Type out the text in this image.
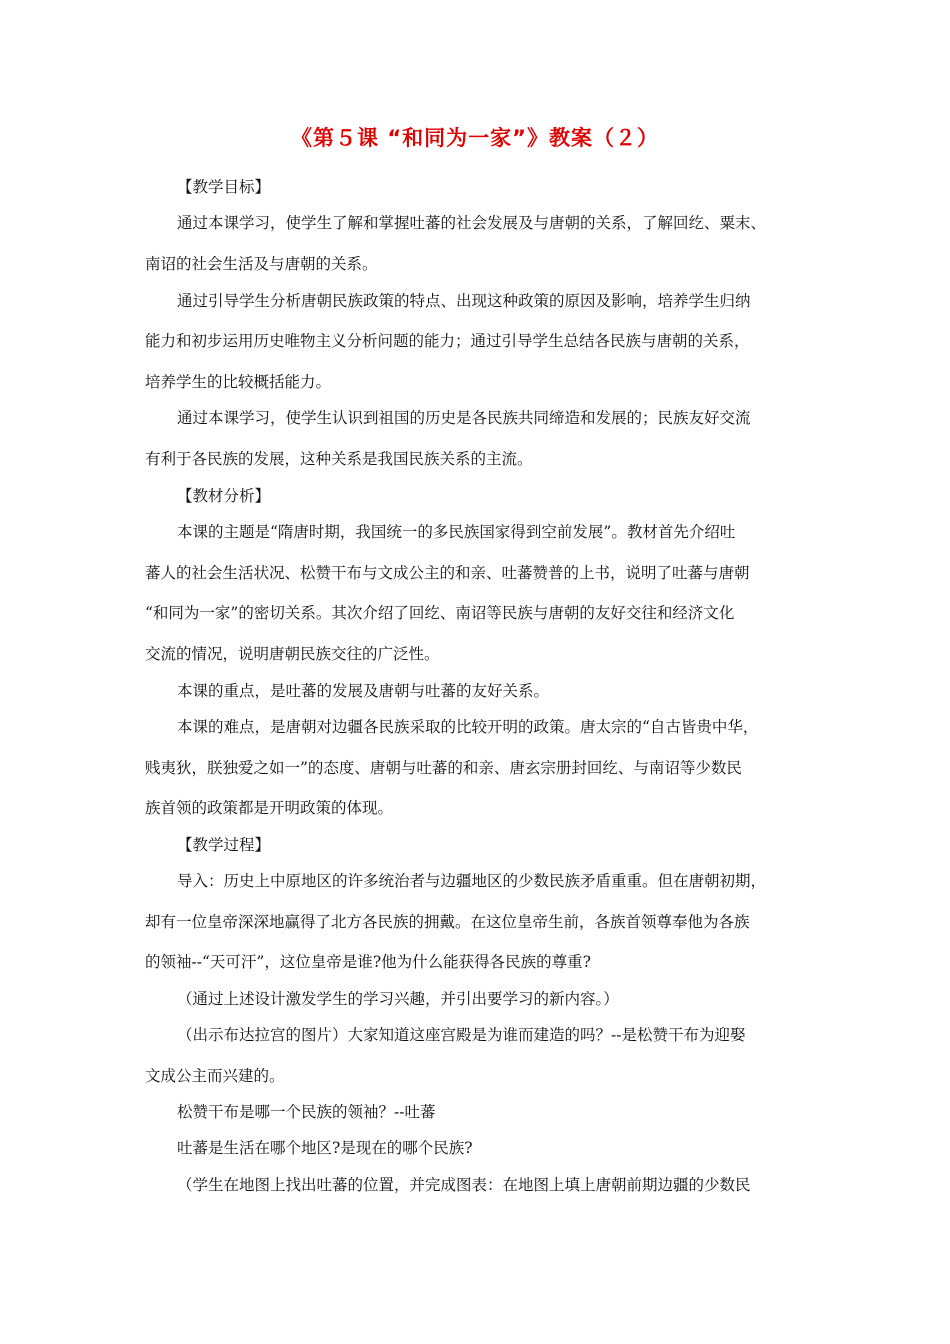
《第５课 “和同为一家”》教案（２）
【教学目标】
通过本课学习，使学生了解和掌握吐蕃的社会发展及与唐朝的关系，了解回纥、粟末、
南诏的社会生活及与唐朝的关系。
通过引导学生分析唐朝民族政策的特点、出现这种政策的原因及影响，培养学生归纳
能力和初步运用历史唯物主义分析问题的能力；通过引导学生总结各民族与唐朝的关系，
培养学生的比较概括能力。
通过本课学习，使学生认识到祖国的历史是各民族共同缔造和发展的；民族友好交流
有利于各民族的发展，这种关系是我国民族关系的主流。
【教材分析】
本课的主题是“隋唐时期，我国统一的多民族国家得到空前发展”。教材首先介绍吐
蕃人的社会生活状况、松赞干布与文成公主的和亲、吐蕃赞普的上书，说明了吐蕃与唐朝
“和同为一家”的密切关系。其次介绍了回纥、南诏等民族与唐朝的友好交往和经济文化
交流的情况，说明唐朝民族交往的广泛性。
本课的重点，是吐蕃的发展及唐朝与吐蕃的友好关系。
本课的难点，是唐朝对边疆各民族采取的比较开明的政策。唐太宗的“自古皆贵中华，
贱夷狄，朕独爱之如一”的态度、唐朝与吐蕃的和亲、唐玄宗册封回纥、与南诏等少数民
族首领的政策都是开明政策的体现。
【教学过程】
导入：历史上中原地区的许多统治者与边疆地区的少数民族矛盾重重。但在唐朝初期，
却有一位皇帝深深地赢得了北方各民族的拥戴。在这位皇帝生前，各族首领尊奉他为各族
的领袖--“天可汗”，这位皇帝是谁?他为什么能获得各民族的尊重?
（通过上述设计激发学生的学习兴趣，并引出要学习的新内容。）
（出示布达拉宫的图片）大家知道这座宫殿是为谁而建造的吗？--是松赞干布为迎娶
文成公主而兴建的。
松赞干布是哪一个民族的领袖？--吐蕃
吐蕃是生活在哪个地区?是现在的哪个民族?
（学生在地图上找出吐蕃的位置，并完成图表：在地图上填上唐朝前期边疆的少数民
